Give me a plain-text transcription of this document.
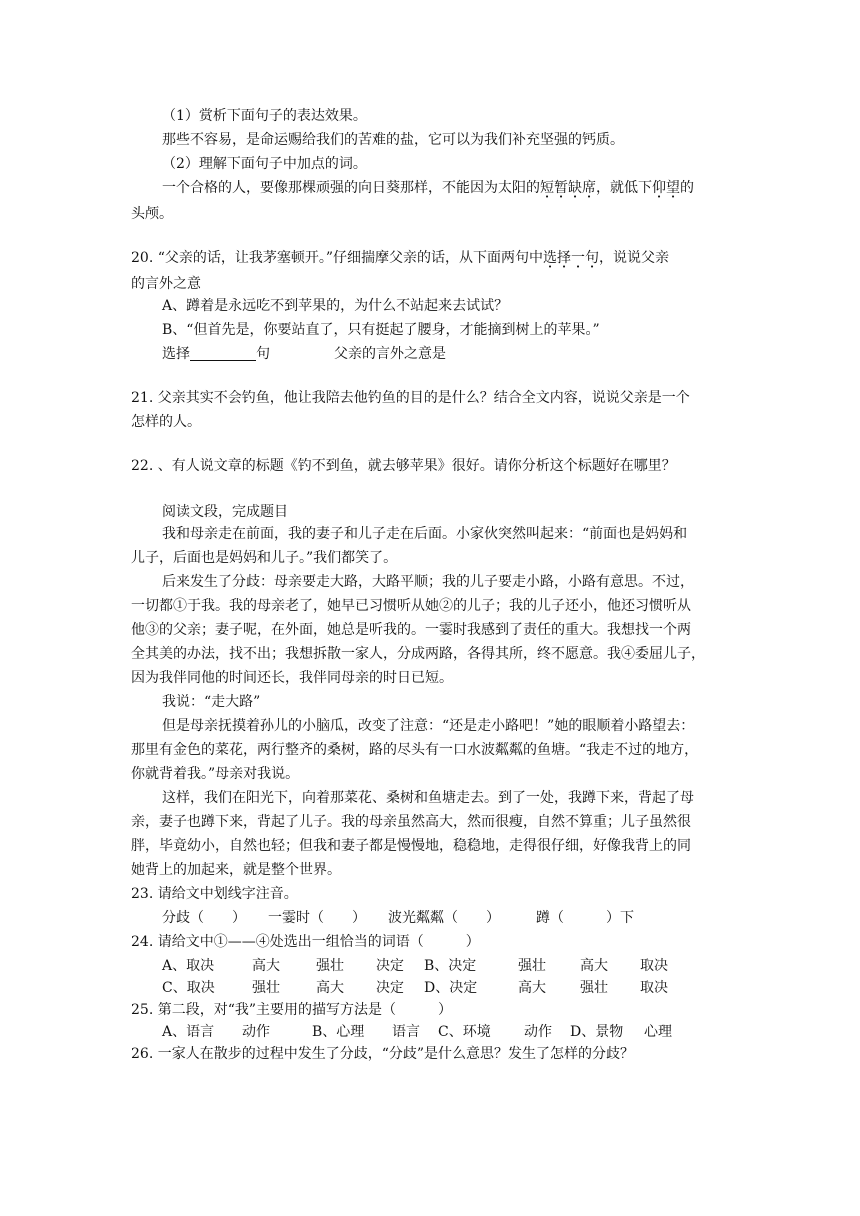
（1）赏析下面句子的表达效果。
那些不容易，是命运赐给我们的苦难的盐，它可以为我们补充坚强的钙质。
（2）理解下面句子中加点的词。
一个合格的人，要像那棵顽强的向日葵那样，不能因为太阳的短暂缺席，就低下仰望的
头颅。
20. “父亲的话，让我茅塞顿开。”仔细揣摩父亲的话，从下面两句中选择一句，说说父亲
的言外之意
A、蹲着是永远吃不到苹果的，为什么不站起来去试试？
B、“但首先是，你要站直了，只有挺起了腰身，才能摘到树上的苹果。”
选择	句	父亲的言外之意是
21. 父亲其实不会钓鱼，他让我陪去他钓鱼的目的是什么？结合全文内容，说说父亲是一个
怎样的人。
22. 、有人说文章的标题《钓不到鱼，就去够苹果》很好。请你分析这个标题好在哪里？
阅读文段，完成题目
我和母亲走在前面，我的妻子和儿子走在后面。小家伙突然叫起来：“前面也是妈妈和
儿子，后面也是妈妈和儿子。”我们都笑了。
后来发生了分歧：母亲要走大路，大路平顺；我的儿子要走小路，小路有意思。不过，
一切都①于我。我的母亲老了，她早已习惯听从她②的儿子；我的儿子还小，他还习惯听从
他③的父亲；妻子呢，在外面，她总是听我的。一霎时我感到了责任的重大。我想找一个两
全其美的办法，找不出；我想拆散一家人，分成两路，各得其所，终不愿意。我④委屈儿子，
因为我伴同他的时间还长，我伴同母亲的时日已短。
我说：“走大路”
但是母亲抚摸着孙儿的小脑瓜，改变了注意：“还是走小路吧！”她的眼顺着小路望去：
那里有金色的菜花，两行整齐的桑树，路的尽头有一口水波粼粼的鱼塘。“我走不过的地方，
你就背着我。”母亲对我说。
这样，我们在阳光下，向着那菜花、桑树和鱼塘走去。到了一处，我蹲下来，背起了母
亲，妻子也蹲下来，背起了儿子。我的母亲虽然高大，然而很瘦，自然不算重；儿子虽然很
胖，毕竟幼小，自然也轻；但我和妻子都是慢慢地，稳稳地，走得很仔细，好像我背上的同
她背上的加起来，就是整个世界。
23. 请给文中划线字注音。
分歧（　　） 一霎时（　　） 波光粼粼（　　）	蹲（　　　）下
24. 请给文中①——④处选出一组恰当的词语（　　　）
A、取决	高大	强壮 决定 B、决定	强壮 高大 取决
C、取决	强壮	高大 决定 D、决定	高大 强壮 取决
25. 第二段，对“我”主要用的描写方法是（　　　）
A、语言 动作	B、心理 语言 C、环境 动作 D、景物 心理
26. 一家人在散步的过程中发生了分歧，“分歧”是什么意思？发生了怎样的分歧？
